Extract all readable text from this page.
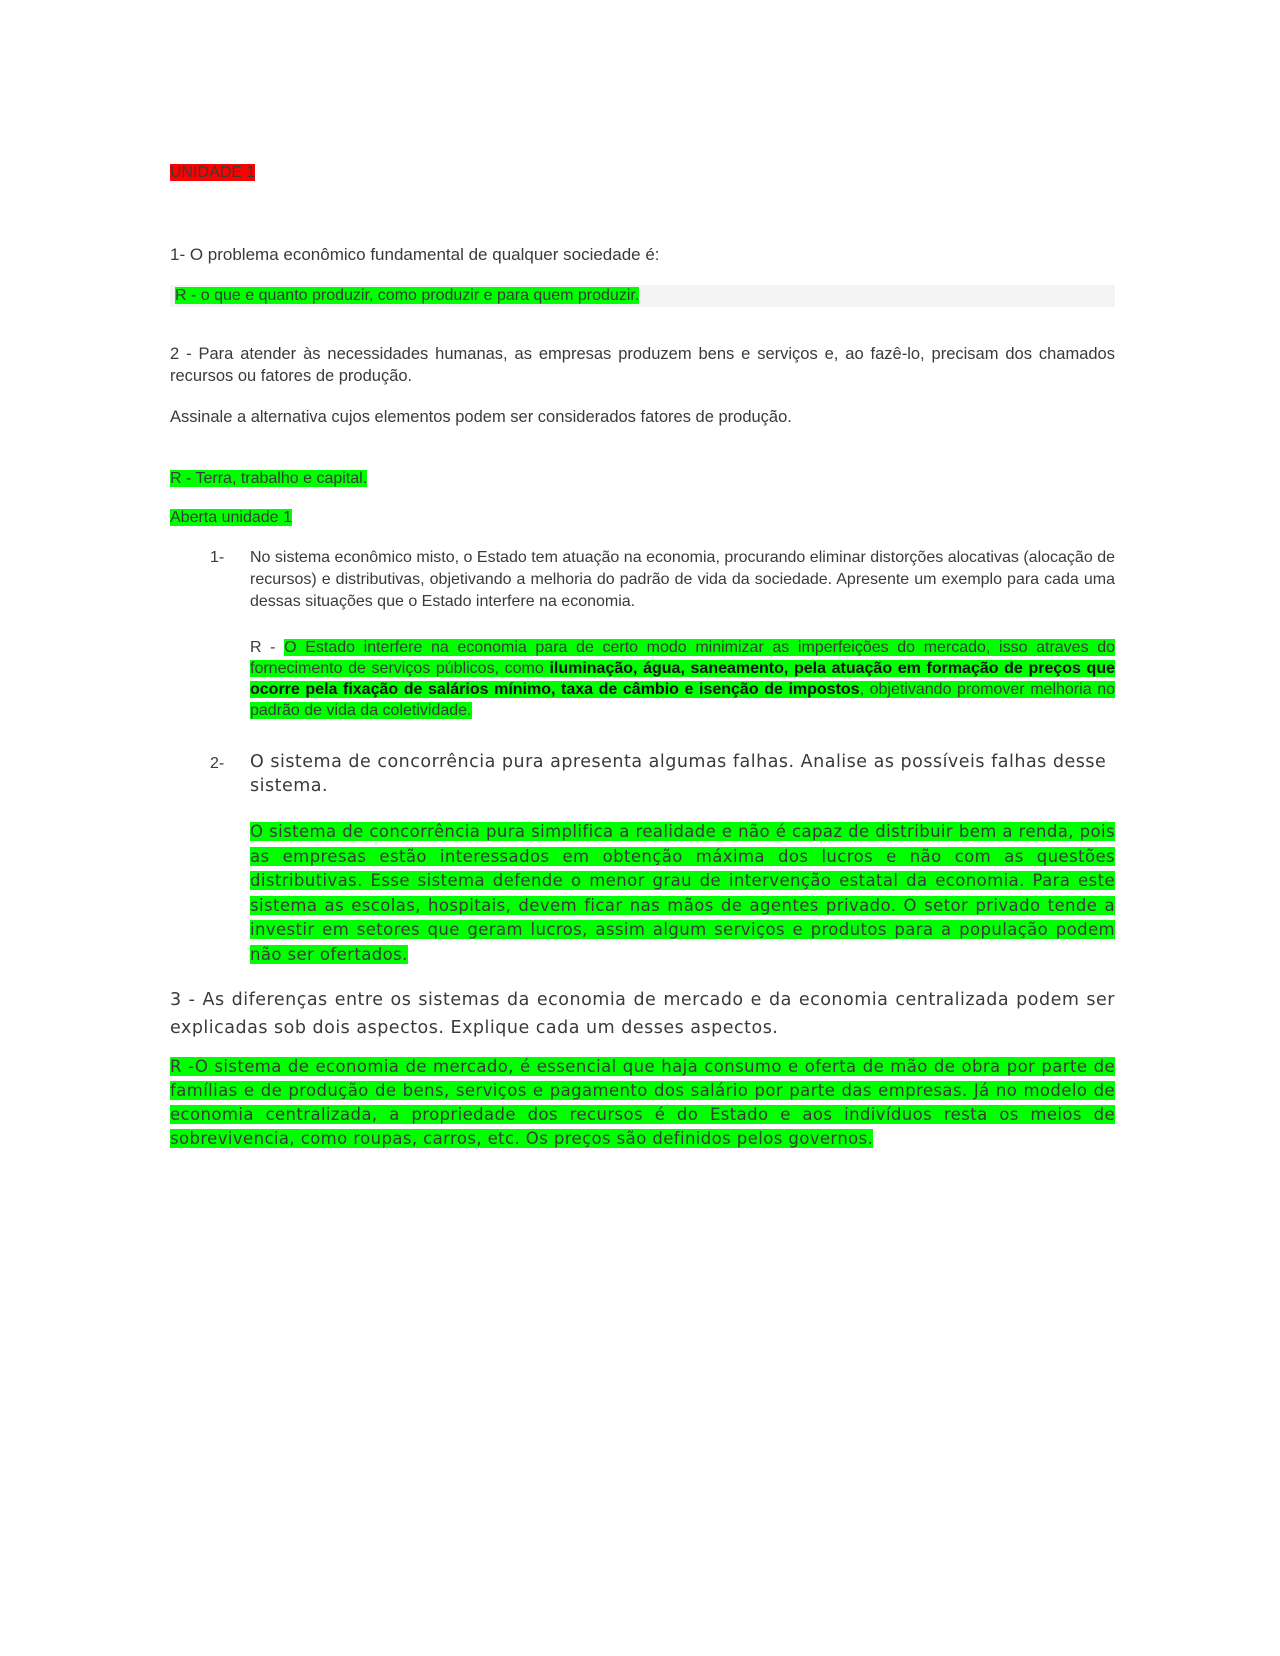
UNIDADE 1
1- O problema econômico fundamental de qualquer sociedade é:
R - o que e quanto produzir, como produzir e para quem produzir.
2 - Para atender às necessidades humanas, as empresas produzem bens e serviços e, ao fazê-lo, precisam dos chamados recursos ou fatores de produção.
Assinale a alternativa cujos elementos podem ser considerados fatores de produção.
R - Terra, trabalho e capital.
Aberta unidade 1
1- No sistema econômico misto, o Estado tem atuação na economia, procurando eliminar distorções alocativas (alocação de recursos) e distributivas, objetivando a melhoria do padrão de vida da sociedade. Apresente um exemplo para cada uma dessas situações que o Estado interfere na economia.
R - O Estado interfere na economia para de certo modo minimizar as imperfeições do mercado, isso atraves do fornecimento de serviços públicos, como iluminação, água, saneamento, pela atuação em formação de preços que ocorre pela fixação de salários mínimo, taxa de câmbio e isenção de impostos, objetivando promover melhoria no padrão de vida da coletividade.
2- O sistema de concorrência pura apresenta algumas falhas. Analise as possíveis falhas desse sistema.
O sistema de concorrência pura simplifica a realidade e não é capaz de distribuir bem a renda, pois as empresas estão interessados em obtenção máxima dos lucros e não com as questões distributivas. Esse sistema defende o menor grau de intervenção estatal da economia. Para este sistema as escolas, hospitais, devem ficar nas mãos de agentes privado. O setor privado tende a investir em setores que geram lucros, assim algum serviços e produtos para a população podem não ser ofertados.
3 - As diferenças entre os sistemas da economia de mercado e da economia centralizada podem ser explicadas sob dois aspectos. Explique cada um desses aspectos.
R -O sistema de economia de mercado, é essencial que haja consumo e oferta de mão de obra por parte de famílias e de produção de bens, serviços e pagamento dos salário por parte das empresas. Já no modelo de economia centralizada, a propriedade dos recursos é do Estado e aos indivíduos resta os meios de sobrevivencia, como roupas, carros, etc. Os preços são definidos pelos governos.
